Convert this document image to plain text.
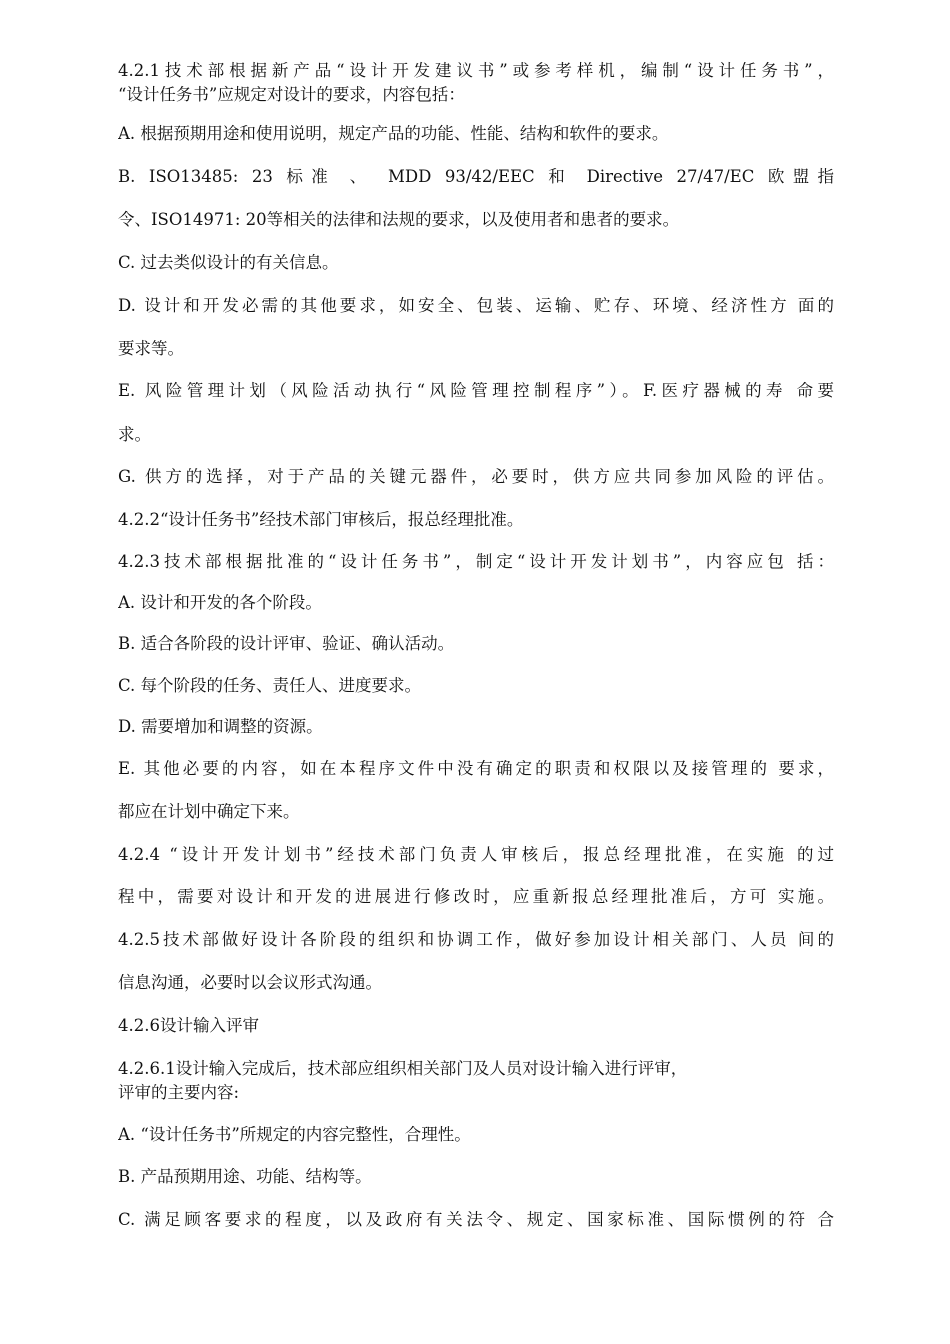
4.2.1技术部根据新产品“设计开发建议书”或参考样机，编制“设计任务书”，
“设计任务书”应规定对设计的要求，内容包括：
A. 根据预期用途和使用说明，规定产品的功能、性能、结构和软件的要求。
B. ISO13485: 23 标准 、 MDD 93/42/EEC 和 Directive 27/47/EC 欧盟指
令、ISO14971: 20等相关的法律和法规的要求，以及使用者和患者的要求。
C. 过去类似设计的有关信息。
D. 设计和开发必需的其他要求，如安全、包装、运输、贮存、环境、经济性方 面的
要求等。
E. 风险管理计划（风险活动执行“风险管理控制程序”）。F.医疗器械的寿 命要
求。
G. 供方的选择，对于产品的关键元器件，必要时，供方应共同参加风险的评估。
4.2.2“设计任务书”经技术部门审核后，报总经理批准。
4.2.3技术部根据批准的“设计任务书”，制定“设计开发计划书”，内容应包 括：
A. 设计和开发的各个阶段。
B. 适合各阶段的设计评审、验证、确认活动。
C. 每个阶段的任务、责任人、进度要求。
D. 需要增加和调整的资源。
E. 其他必要的内容，如在本程序文件中没有确定的职责和权限以及接管理的 要求，
都应在计划中确定下来。
4.2.4 “设计开发计划书”经技术部门负责人审核后，报总经理批准，在实施 的过
程中，需要对设计和开发的进展进行修改时，应重新报总经理批准后，方可 实施。
4.2.5技术部做好设计各阶段的组织和协调工作，做好参加设计相关部门、人员 间的
信息沟通，必要时以会议形式沟通。
4.2.6设计输入评审
4.2.6.1设计输入完成后，技术部应组织相关部门及人员对设计输入进行评审，
评审的主要内容:
A. “设计任务书”所规定的内容完整性，合理性。
B. 产品预期用途、功能、结构等。
C. 满足顾客要求的程度，以及政府有关法令、规定、国家标准、国际惯例的符 合
